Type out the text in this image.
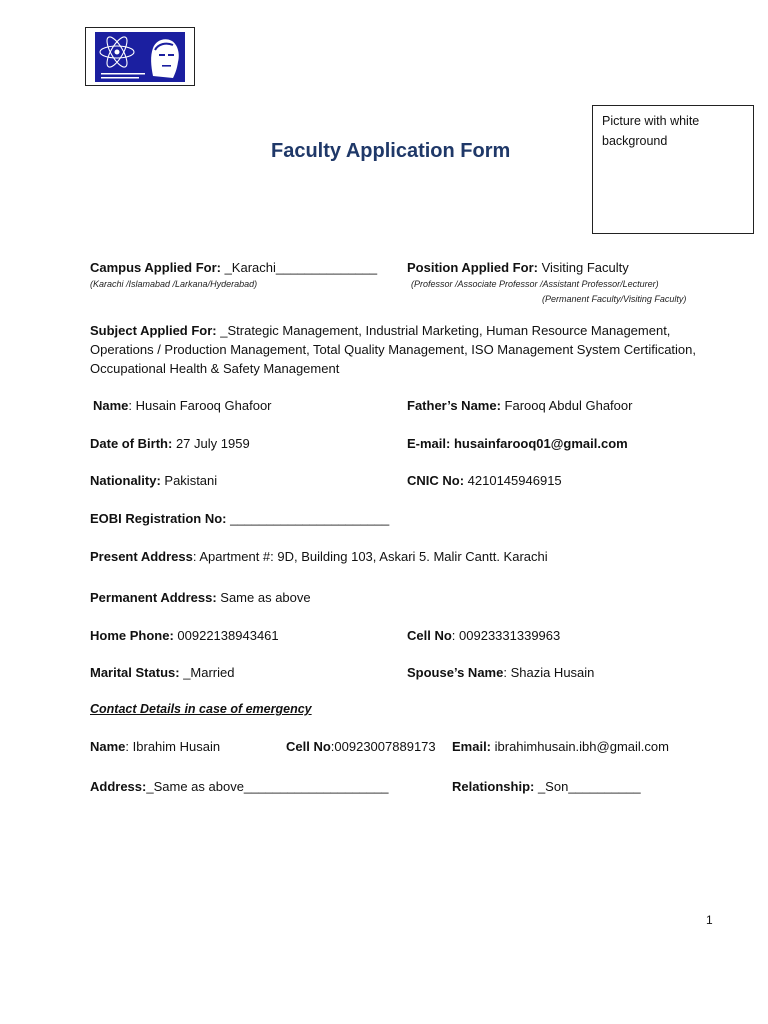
Picture with white background
Faculty Application Form
Campus Applied For: _Karachi______________
(Karachi /Islamabad /Larkana/Hyderabad)
Position Applied For: Visiting Faculty
(Professor /Associate Professor /Assistant Professor/Lecturer)
(Permanent Faculty/Visiting Faculty)
Subject Applied For: _Strategic Management, Industrial Marketing, Human Resource Management, Operations / Production Management, Total Quality Management, ISO Management System Certification, Occupational Health & Safety Management
Name: Husain Farooq Ghafoor	Father’s Name: Farooq Abdul Ghafoor
Date of Birth: 27 July 1959	E-mail: husainfarooq01@gmail.com
Nationality: Pakistani	CNIC No: 4210145946915
EOBI Registration No: ______________________
Present Address: Apartment #: 9D, Building 103, Askari 5. Malir Cantt. Karachi
Permanent Address: Same as above
Home Phone: 00922138943461	Cell No: 00923331339963
Marital Status: _Married	Spouse’s Name: Shazia Husain
Contact Details in case of emergency
Name: Ibrahim Husain	Cell No:00923007889173 Email: ibrahimhusain.ibh@gmail.com
Address:_Same as above____________________	Relationship: _Son__________
1
